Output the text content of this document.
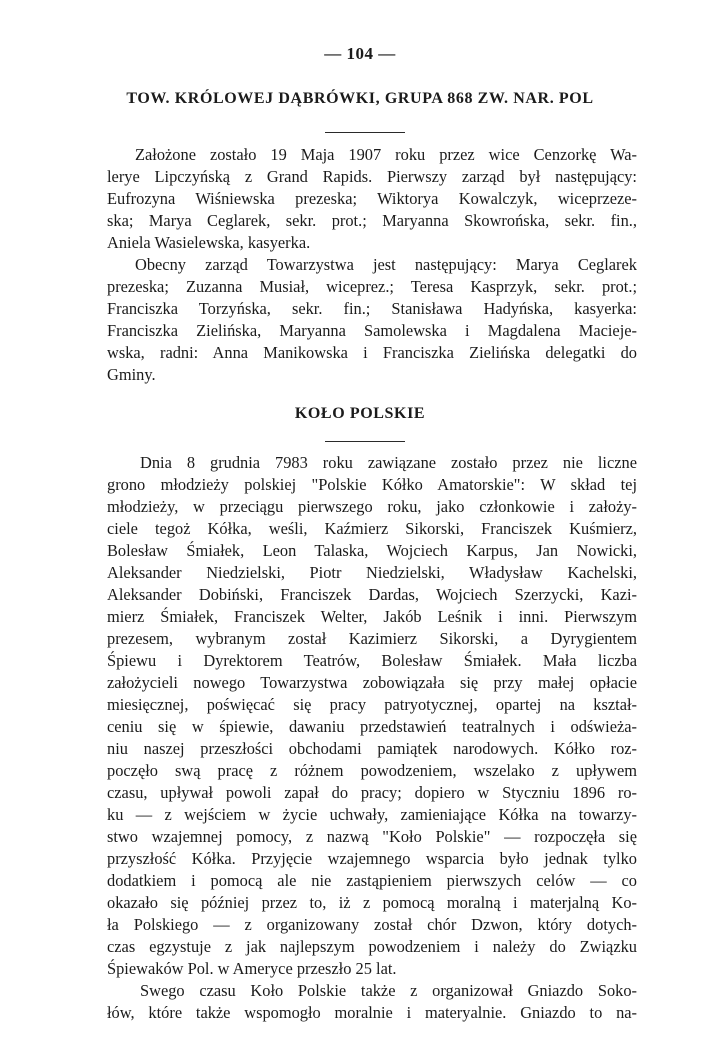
— 104 —
TOW. KRÓLOWEJ DĄBRÓWKI, GRUPA 868 ZW. NAR. POL
Założone zostało 19 Maja 1907 roku przez wice Cenzorkę Wa-
lerye Lipczyńską z Grand Rapids. Pierwszy zarząd był następujący:
Eufrozyna Wiśniewska prezeska; Wiktorya Kowalczyk, wiceprzeze-
ska; Marya Ceglarek, sekr. prot.; Maryanna Skowrońska, sekr. fin.,
Aniela Wasielewska, kasyerka.
Obecny zarząd Towarzystwa jest następujący: Marya Ceglarek
prezeska; Zuzanna Musiał, wiceprez.; Teresa Kasprzyk, sekr. prot.;
Franciszka Torzyńska, sekr. fin.; Stanisława Hadyńska, kasyerka:
Franciszka Zielińska, Maryanna Samolewska i Magdalena Macieje-
wska, radni: Anna Manikowska i Franciszka Zielińska delegatki do
Gminy.
KOŁO POLSKIE
Dnia 8 grudnia 7983 roku zawiązane zostało przez nie liczne
grono młodzieży polskiej "Polskie Kółko Amatorskie": W skład tej
młodzieży, w przeciągu pierwszego roku, jako członkowie i założy-
ciele tegoż Kółka, weśli, Kaźmierz Sikorski, Franciszek Kuśmierz,
Bolesław Śmiałek, Leon Talaska, Wojciech Karpus, Jan Nowicki,
Aleksander Niedzielski, Piotr Niedzielski, Władysław Kachelski,
Aleksander Dobiński, Franciszek Dardas, Wojciech Szerzycki, Kazi-
mierz Śmiałek, Franciszek Welter, Jakób Leśnik i inni. Pierwszym
prezesem, wybranym został Kazimierz Sikorski, a Dyrygientem
Śpiewu i Dyrektorem Teatrów, Bolesław Śmiałek. Mała liczba
założycieli nowego Towarzystwa zobowiązała się przy małej opłacie
miesięcznej, poświęcać się pracy patryotycznej, opartej na kształ-
ceniu się w śpiewie, dawaniu przedstawień teatralnych i odświeża-
niu naszej przeszłości obchodami pamiątek narodowych. Kółko roz-
poczęło swą pracę z różnem powodzeniem, wszelako z upływem
czasu, upływał powoli zapał do pracy; dopiero w Styczniu 1896 ro-
ku — z wejściem w życie uchwały, zamieniające Kółka na towarzy-
stwo wzajemnej pomocy, z nazwą "Koło Polskie" — rozpoczęła się
przyszłość Kółka. Przyjęcie wzajemnego wsparcia było jednak tylko
dodatkiem i pomocą ale nie zastąpieniem pierwszych celów — co
okazało się później przez to, iż z pomocą moralną i materjalną Ko-
ła Polskiego — z organizowany został chór Dzwon, który dotych-
czas egzystuje z jak najlepszym powodzeniem i należy do Związku
Śpiewaków Pol. w Ameryce przeszło 25 lat.
Swego czasu Koło Polskie także z organizował Gniazdo Soko-
łów, które także wspomogło moralnie i materyalnie. Gniazdo to na-
